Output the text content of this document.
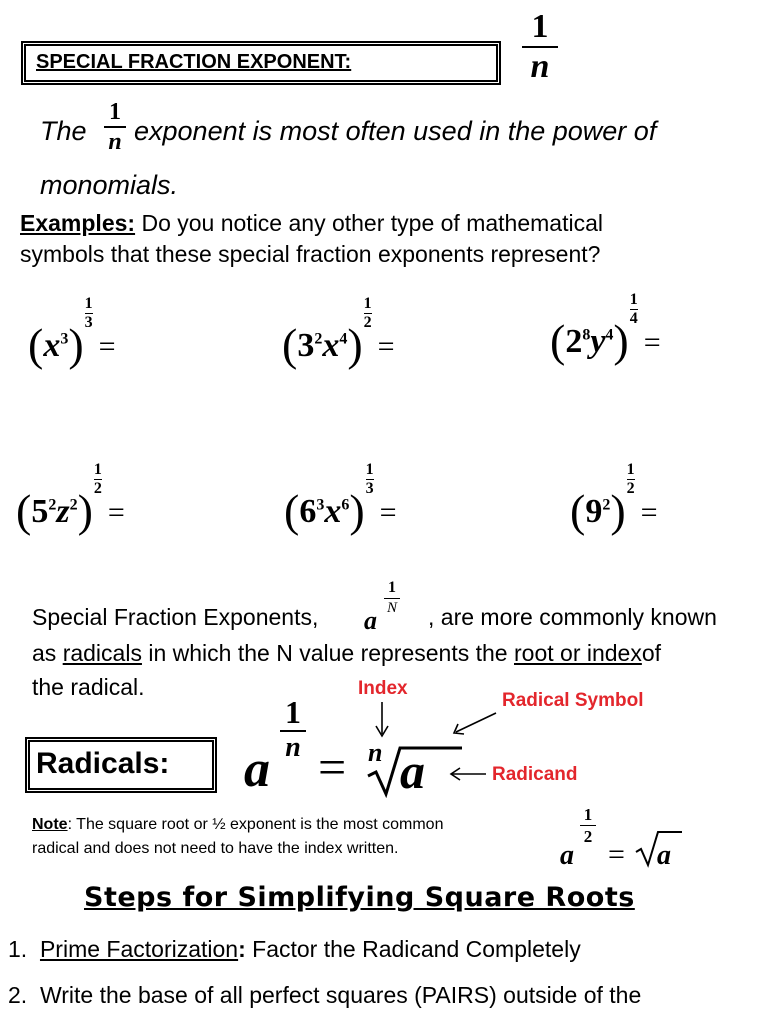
SPECIAL FRACTION EXPONENT:
1
n
The
1
n exponent is most often used in the power of
monomials.
Examples: Do you notice any other type of mathematical
symbols that these special fraction exponents represent?
$(x^3)$
$\frac{1}{3}$
=	$(3^2x^4)$
$\frac{1}{2}$
=	$(2^8y^4)$
$\frac{1}{4}$
=
$(5^2z^2)$
$\frac{1}{2}$
=	$(6^3x^6)$
$\frac{1}{3}$
=	$(9^2)$
$\frac{1}{2}$
=
Special Fraction Exponents, a
1
N , are more commonly known
as radicals in which the N value represents the root or indexof
the radical.
Radicals: a
1
n = n a
Index
Radical Symbol
Radicand
Note: The square root or ½ exponent is the most common
radical and does not need to have the index written.	a
1
2
= a
Steps for Simplifying Square Roots
1. Prime Factorization: Factor the Radicand Completely
2. Write the base of all perfect squares (PAIRS) outside of the
